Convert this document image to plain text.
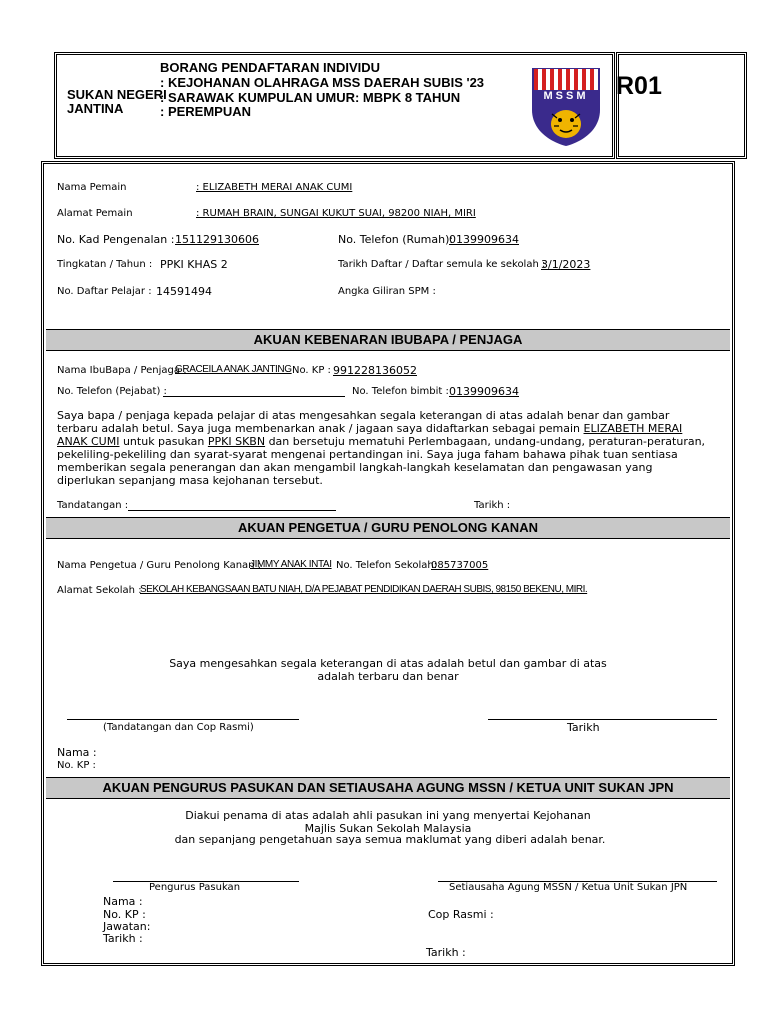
BORANG PENDAFTARAN INDIVIDU
SUKAN NEGERI
JANTINA
: KEJOHANAN OLAHRAGA MSS DAERAH SUBIS '23
: SARAWAK KUMPULAN UMUR: MBPK 8 TAHUN
: PEREMPUAN
MSSM	R01
Nama Pemain	: ELIZABETH MERAI ANAK CUMI
Alamat Pemain	: RUMAH BRAIN, SUNGAI KUKUT SUAI, 98200 NIAH, MIRI
No. Kad Pengenalan : 151129130606	No. Telefon (Rumah):
0139909634
Tingkatan / Tahun : PPKI KHAS 2	Tarikh Daftar / Daftar semula ke sekolah :
3/1/2023
No. Daftar Pelajar : 14591494	Angka Giliran SPM :
AKUAN KEBENARAN IBUBAPA / PENJAGA
Nama IbuBapa / Penjaga :
GRACEILA ANAK JANTING No. KP : 991228136052
No. Telefon (Pejabat) :	No. Telefon bimbit : 0139909634
Saya bapa / penjaga kepada pelajar di atas mengesahkan segala keterangan di atas adalah benar dan gambar terbaru adalah betul. Saya juga membenarkan anak / jagaan saya didaftarkan sebagai pemain ELIZABETH MERAI ANAK CUMI untuk pasukan PPKI SKBN dan bersetuju mematuhi Perlembagaan, undang-undang, peraturan-peraturan, pekeliling-pekeliling dan syarat-syarat mengenai pertandingan ini. Saya juga faham bahawa pihak tuan sentiasa memberikan segala penerangan dan akan mengambil langkah-langkah keselamatan dan pengawasan yang diperlukan sepanjang masa kejohanan tersebut.
Tandatangan :	Tarikh :
AKUAN PENGETUA / GURU PENOLONG KANAN
Nama Pengetua / Guru Penolong Kanan :
JIMMY ANAK INTAI No. Telefon Sekolah:
085737005
Alamat Sekolah :
SEKOLAH KEBANGSAAN BATU NIAH, D/A PEJABAT PENDIDIKAN DAERAH SUBIS, 98150 BEKENU, MIRI.
Saya mengesahkan segala keterangan di atas adalah betul dan gambar di atas adalah terbaru dan benar
(Tandatangan dan Cop Rasmi)	Tarikh
Nama :
No. KP :
AKUAN PENGURUS PASUKAN DAN SETIAUSAHA AGUNG MSSN / KETUA UNIT SUKAN JPN
Diakui penama di atas adalah ahli pasukan ini yang menyertai Kejohanan Majlis Sukan Sekolah Malaysia
dan sepanjang pengetahuan saya semua maklumat yang diberi adalah benar.
Pengurus Pasukan	Setiausaha Agung MSSN / Ketua Unit Sukan JPN
Nama :
No. KP :
Jawatan:
Tarikh :
Cop Rasmi :
Tarikh :
